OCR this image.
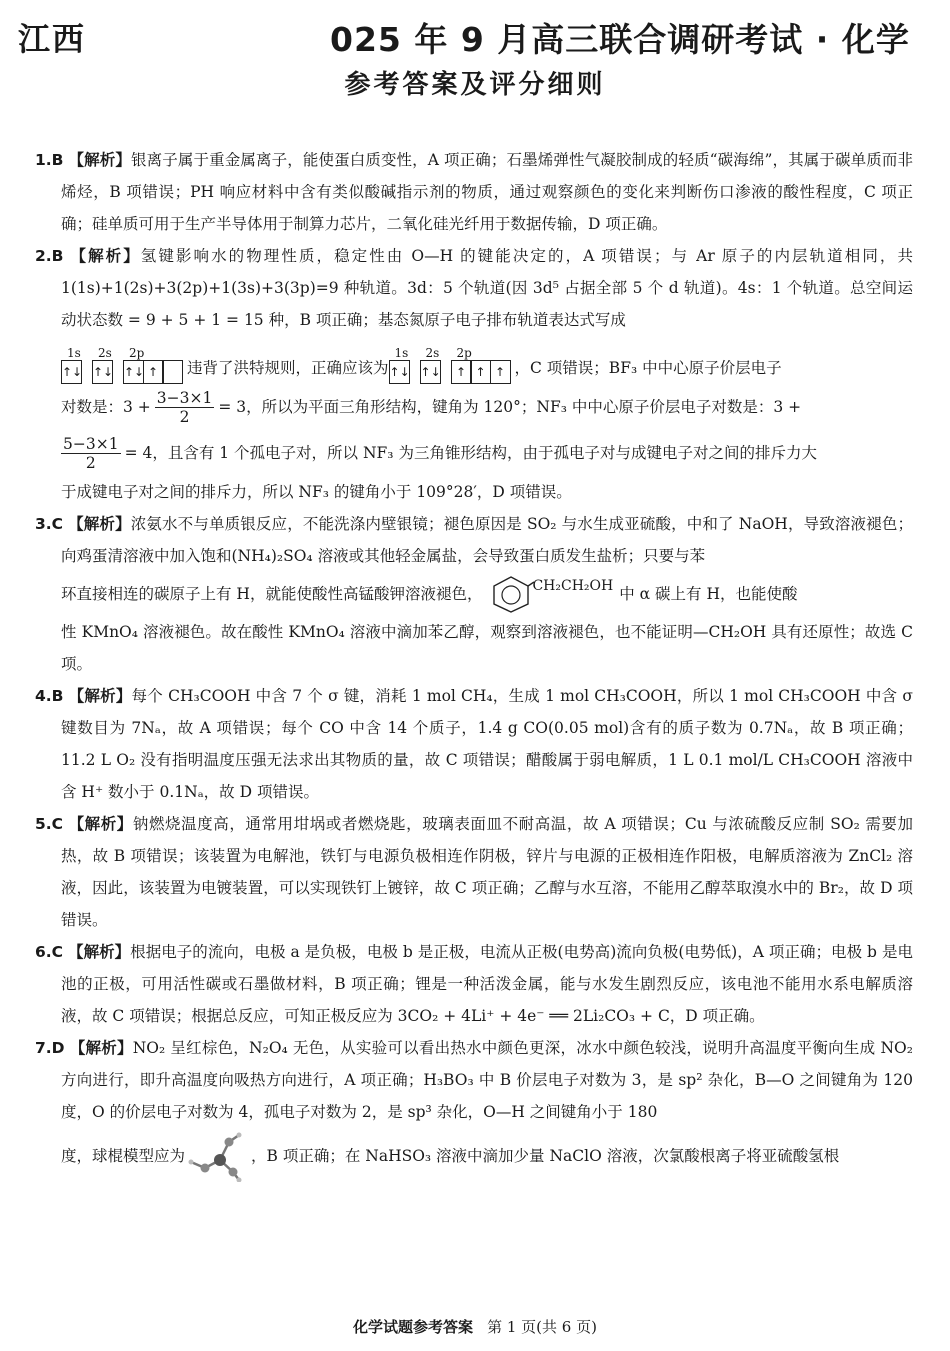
江西	025 年 9 月高三联合调研考试 · 化学
参考答案及评分细则

1.B 【解析】银离子属于重金属离子，能使蛋白质变性，A 项正确；石墨烯弹性气凝胶制成的轻质“碳海绵”，其属于碳单质而非烯烃，B 项错误；PH 响应材料中含有类似酸碱指示剂的物质，通过观察颜色的变化来判断伤口渗液的酸性程度，C 项正确；硅单质可用于生产半导体用于制算力芯片，二氧化硅光纤用于数据传输，D 项正确。

2.B 【解析】氢键影响水的物理性质，稳定性由 O—H 的键能决定的，A 项错误；与 Ar 原子的内层轨道相同，共 1(1s)+1(2s)+3(2p)+1(3s)+3(3p)=9 种轨道。3d：5 个轨道(因 3d⁵ 占据全部 5 个 d 轨道)。4s：1 个轨道。总空间运动状态数 = 9 + 5 + 1 = 15 种，B 项正确；基态氮原子电子排布轨道表达式写成

1s
↑↓
2s
↑↓
2p
↑↓ ↑	违背了洪特规则，正确应该为
1s
↑↓
2s
↑↓
2p
↑ ↑ ↑ ，C 项错误；BF₃ 中中心原子价层电子
对数是：$3 + \frac{3-3\times 1}{2} = 3$，所以为平面三角形结构，键角为 120°；NF₃ 中中心原子价层电子对数是：3 +
$\frac{5-3\times 1}{2} = 4$，且含有 1 个孤电子对，所以 NF₃ 为三角锥形结构，由于孤电子对与成键电子对之间的排斥力大

于成键电子对之间的排斥力，所以 NF₃ 的键角小于 109°28′，D 项错误。

3.C 【解析】浓氨水不与单质银反应，不能洗涤内壁银镜；褪色原因是 SO₂ 与水生成亚硫酸，中和了 NaOH，导致溶液褪色；向鸡蛋清溶液中加入饱和(NH₄)₂SO₄ 溶液或其他轻金属盐，会导致蛋白质发生盐析；只要与苯

环直接相连的碳原子上有 H，就能使酸性高锰酸钾溶液褪色，	CH₂CH₂OH 中 α 碳上有 H，也能使酸

性 KMnO₄ 溶液褪色。故在酸性 KMnO₄ 溶液中滴加苯乙醇，观察到溶液褪色，也不能证明—CH₂OH 具有还原性；故选 C 项。

4.B 【解析】每个 CH₃COOH 中含 7 个 σ 键，消耗 1 mol CH₄，生成 1 mol CH₃COOH，所以 1 mol CH₃COOH 中含 σ 键数目为 7Nₐ，故 A 项错误；每个 CO 中含 14 个质子，1.4 g CO(0.05 mol)含有的质子数为 0.7Nₐ，故 B 项正确；11.2 L O₂ 没有指明温度压强无法求出其物质的量，故 C 项错误；醋酸属于弱电解质，1 L 0.1 mol/L CH₃COOH 溶液中含 H⁺ 数小于 0.1Nₐ，故 D 项错误。

5.C 【解析】钠燃烧温度高，通常用坩埚或者燃烧匙，玻璃表面皿不耐高温，故 A 项错误；Cu 与浓硫酸反应制 SO₂ 需要加热，故 B 项错误；该装置为电解池，铁钉与电源负极相连作阴极，锌片与电源的正极相连作阳极，电解质溶液为 ZnCl₂ 溶液，因此，该装置为电镀装置，可以实现铁钉上镀锌，故 C 项正确；乙醇与水互溶，不能用乙醇萃取溴水中的 Br₂，故 D 项错误。

6.C 【解析】根据电子的流向，电极 a 是负极，电极 b 是正极，电流从正极(电势高)流向负极(电势低)，A 项正确；电极 b 是电池的正极，可用活性碳或石墨做材料，B 项正确；锂是一种活泼金属，能与水发生剧烈反应，该电池不能用水系电解质溶液，故 C 项错误；根据总反应，可知正极反应为 3CO₂ + 4Li⁺ + 4e⁻ ══ 2Li₂CO₃ + C，D 项正确。

7.D 【解析】NO₂ 呈红棕色，N₂O₄ 无色，从实验可以看出热水中颜色更深，冰水中颜色较浅，说明升高温度平衡向生成 NO₂ 方向进行，即升高温度向吸热方向进行，A 项正确；H₃BO₃ 中 B 价层电子对数为 3，是 sp² 杂化，B—O 之间键角为 120 度，O 的价层电子对数为 4，孤电子对数为 2，是 sp³ 杂化，O—H 之间键角小于 180

度，球棍模型应为	，B 项正确；在 NaHSO₃ 溶液中滴加少量 NaClO 溶液，次氯酸根离子将亚硫酸氢根
化学试题参考答案 第 1 页(共 6 页)
